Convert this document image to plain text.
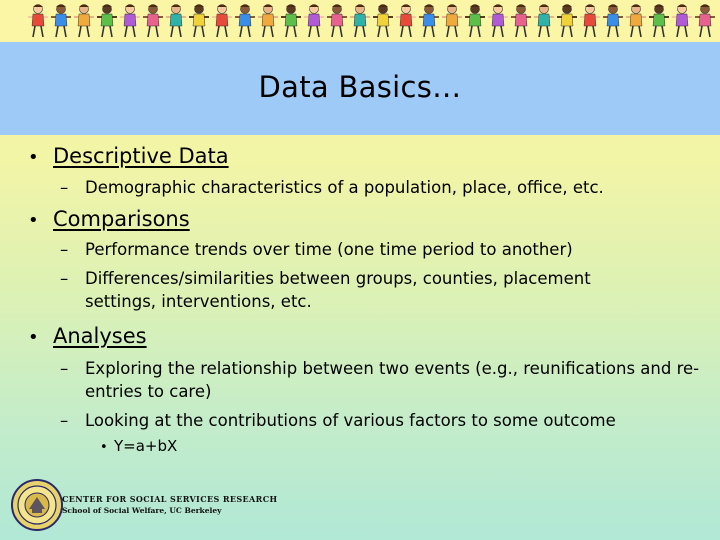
Data Basics…
• Descriptive Data
–	Demographic characteristics of a population, place, office, etc.
• Comparisons
–	Performance trends over time (one time period to another)
–	Differences/similarities between groups, counties, placement settings, interventions, etc.
• Analyses
–	Exploring the relationship between two events (e.g., reunifications and re-entries to care)
–	Looking at the contributions of various factors to some outcome
• Y=a+bX
CENTER FOR SOCIAL SERVICES RESEARCH
School of Social Welfare, UC Berkeley
